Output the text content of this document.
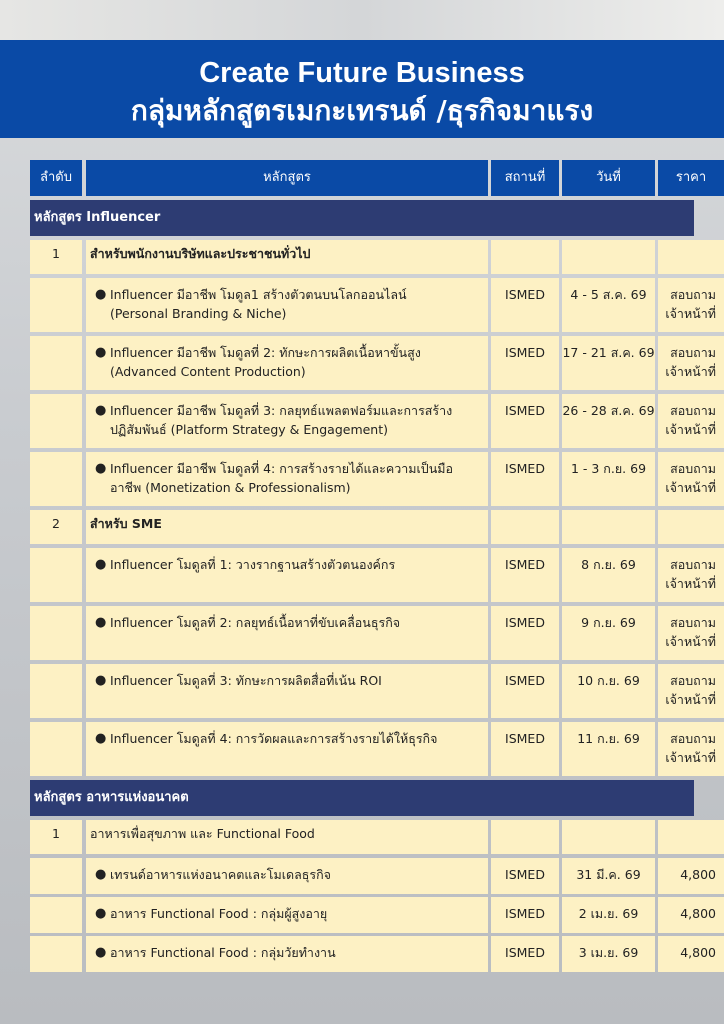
Create Future Business
กลุ่มหลักสูตรเมกะเทรนด์ /ธุรกิจมาแรง
ลำดับ	หลักสูตร	สถานที่	วันที่	ราคา
หลักสูตร Influencer
1	สำหรับพนักงานบริษัทและประชาชนทั่วไป
● Influencer มีอาชีพ โมดูล1 สร้างตัวตนบนโลกออนไลน์
(Personal Branding & Niche)
ISMED	4 - 5 ส.ค. 69	สอบถาม
เจ้าหน้าที่
● Influencer มีอาชีพ โมดูลที่ 2: ทักษะการผลิตเนื้อหาขั้นสูง
(Advanced Content Production)
ISMED	17 - 21 ส.ค. 69	สอบถาม
เจ้าหน้าที่
● Influencer มีอาชีพ โมดูลที่ 3: กลยุทธ์แพลตฟอร์มและการสร้าง
ปฏิสัมพันธ์ (Platform Strategy & Engagement)
ISMED	26 - 28 ส.ค. 69	สอบถาม
เจ้าหน้าที่
● Influencer มีอาชีพ โมดูลที่ 4: การสร้างรายได้และความเป็นมือ
อาชีพ (Monetization & Professionalism)
ISMED	1 - 3 ก.ย. 69	สอบถาม
เจ้าหน้าที่
2	สำหรับ SME
● Influencer โมดูลที่ 1: วางรากฐานสร้างตัวตนองค์กร	ISMED	8 ก.ย. 69	สอบถาม
เจ้าหน้าที่
● Influencer โมดูลที่ 2: กลยุทธ์เนื้อหาที่ขับเคลื่อนธุรกิจ	ISMED	9 ก.ย. 69	สอบถาม
เจ้าหน้าที่
● Influencer โมดูลที่ 3: ทักษะการผลิตสื่อที่เน้น ROI	ISMED	10 ก.ย. 69	สอบถาม
เจ้าหน้าที่
● Influencer โมดูลที่ 4: การวัดผลและการสร้างรายได้ให้ธุรกิจ	ISMED	11 ก.ย. 69	สอบถาม
เจ้าหน้าที่
หลักสูตร อาหารแห่งอนาคต
1	อาหารเพื่อสุขภาพ และ Functional Food
● เทรนด์อาหารแห่งอนาคตและโมเดลธุรกิจ	ISMED	31 มี.ค. 69	4,800
● อาหาร Functional Food : กลุ่มผู้สูงอายุ	ISMED	2 เม.ย. 69	4,800
● อาหาร Functional Food : กลุ่มวัยทำงาน	ISMED	3 เม.ย. 69	4,800
